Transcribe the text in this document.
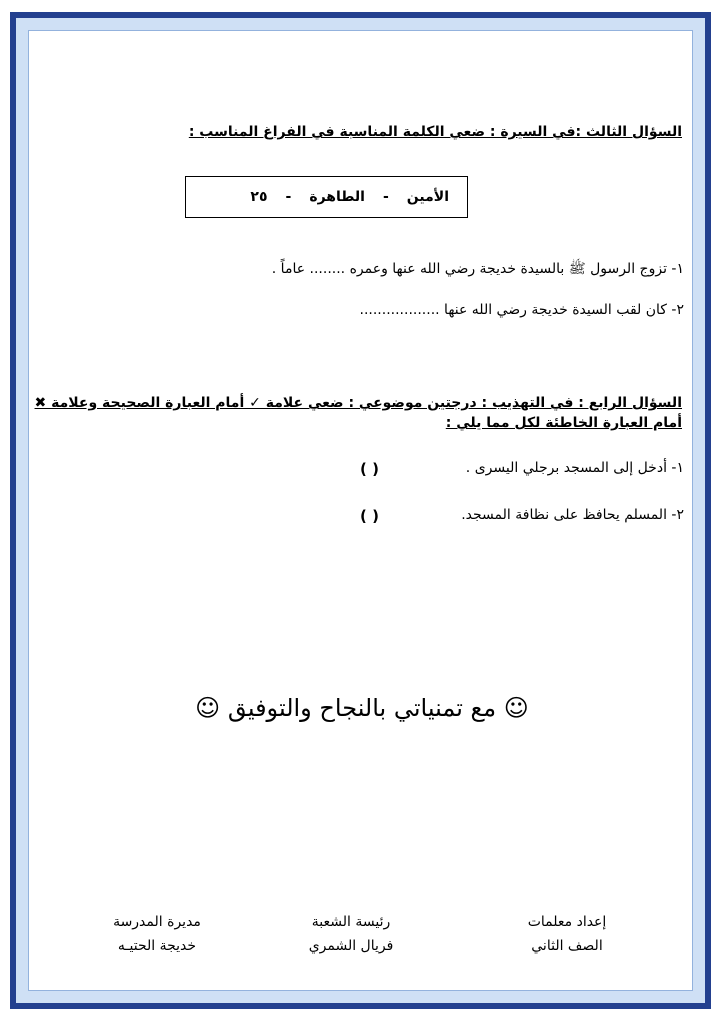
السؤال الثالث :في السيرة : ضعي الكلمة المناسبة في الفراغ المناسب :
الأمين
-
الطاهرة
-
٢٥
١- تزوج الرسول ﷺ بالسيدة خديجة رضي الله عنها وعمره ........ عاماً .
٢- كان لقب السيدة خديجة رضي الله عنها ..................
السؤال الرابع : في التهذيب : درجتين موضوعي : ضعي علامة ✓ أمام العبارة الصحيحة وعلامة ✖
أمام العبارة الخاطئة لكل مما يلي :
١- أدخل إلى المسجد برجلي اليسرى .
( )
٢- المسلم يحافظ على نظافة المسجد.
( )
☺ مع تمنياتي بالنجاح والتوفيق ☺
إعداد معلمات
الصف الثاني
رئيسة الشعبة
فريال الشمري
مديرة المدرسة
خديجة الحتيـه
